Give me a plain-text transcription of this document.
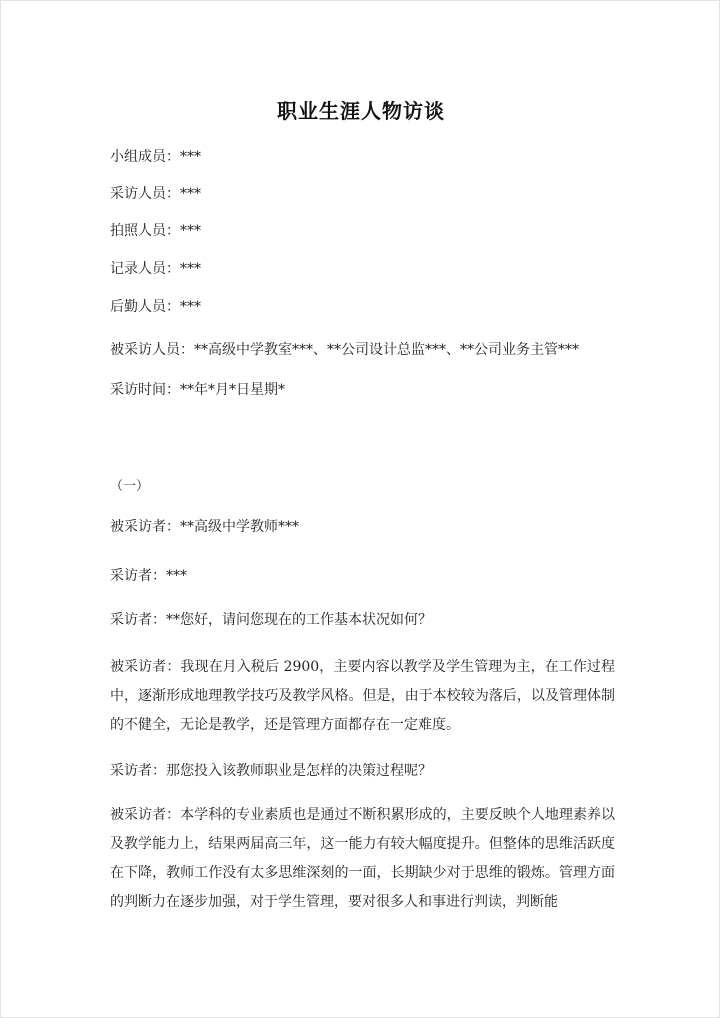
职业生涯人物访谈
小组成员：***
采访人员：***
拍照人员：***
记录人员：***
后勤人员：***
被采访人员：**高级中学教室***、**公司设计总监***、**公司业务主管***
采访时间：**年*月*日星期*
（一）
被采访者：**高级中学教师***
采访者：***
采访者：**您好，请问您现在的工作基本状况如何？
被采访者：我现在月入税后 2900，主要内容以教学及学生管理为主，在工作过程中，逐渐形成地理教学技巧及教学风格。但是，由于本校较为落后，以及管理体制的不健全，无论是教学，还是管理方面都存在一定难度。
采访者：那您投入该教师职业是怎样的决策过程呢？
被采访者：本学科的专业素质也是通过不断积累形成的，主要反映个人地理素养以及教学能力上，结果两届高三年，这一能力有较大幅度提升。但整体的思维活跃度在下降，教师工作没有太多思维深刻的一面，长期缺少对于思维的锻炼。管理方面的判断力在逐步加强，对于学生管理，要对很多人和事进行判读，判断能
